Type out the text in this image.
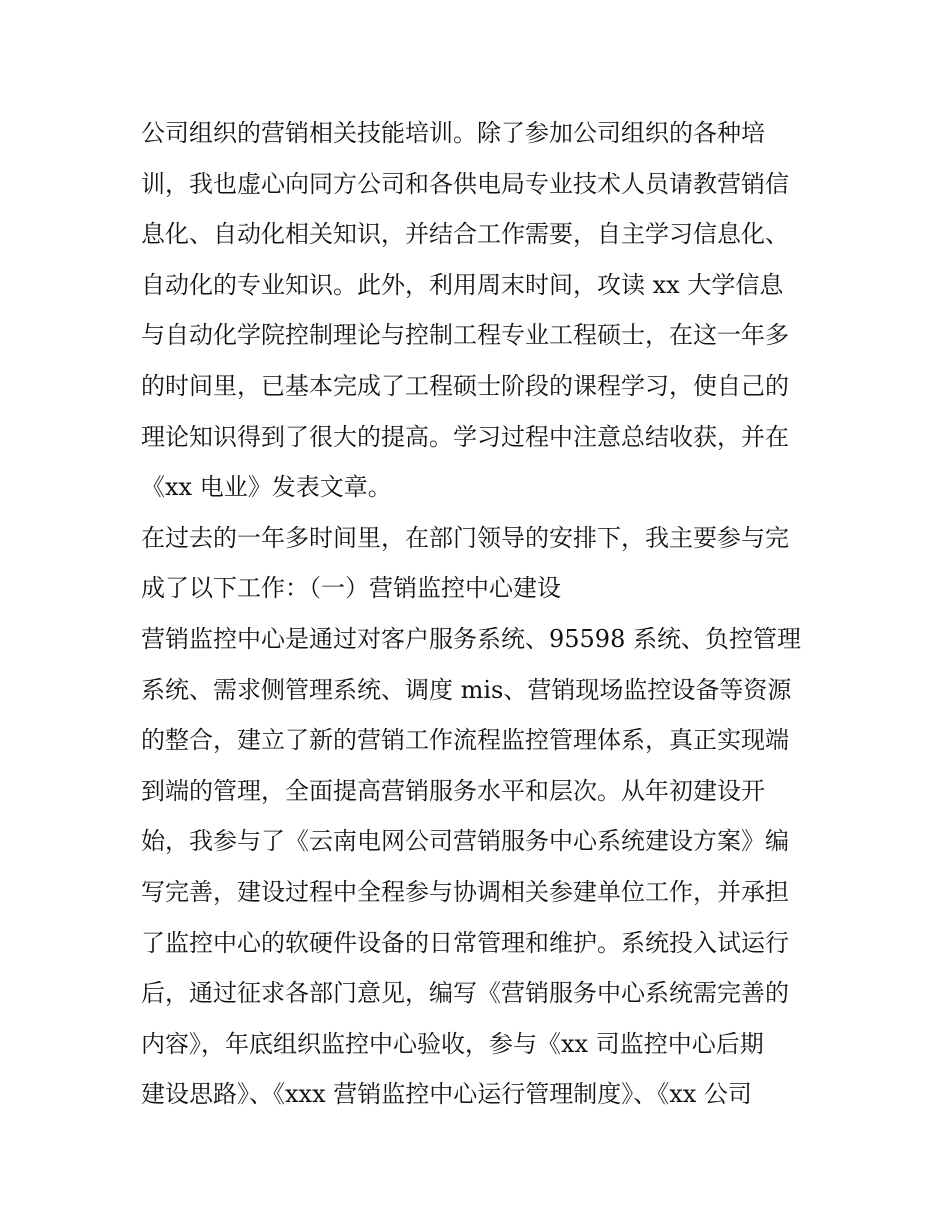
公司组织的营销相关技能培训。除了参加公司组织的各种培
训，我也虚心向同方公司和各供电局专业技术人员请教营销信
息化、自动化相关知识，并结合工作需要，自主学习信息化、
自动化的专业知识。此外，利用周末时间，攻读 xx 大学信息
与自动化学院控制理论与控制工程专业工程硕士，在这一年多
的时间里，已基本完成了工程硕士阶段的课程学习，使自己的
理论知识得到了很大的提高。学习过程中注意总结收获，并在
《xx 电业》发表文章。
在过去的一年多时间里，在部门领导的安排下，我主要参与完
成了以下工作：（一）营销监控中心建设
营销监控中心是通过对客户服务系统、95598 系统、负控管理
系统、需求侧管理系统、调度 mis、营销现场监控设备等资源
的整合，建立了新的营销工作流程监控管理体系，真正实现端
到端的管理，全面提高营销服务水平和层次。从年初建设开
始，我参与了《云南电网公司营销服务中心系统建设方案》编
写完善，建设过程中全程参与协调相关参建单位工作，并承担
了监控中心的软硬件设备的日常管理和维护。系统投入试运行
后，通过征求各部门意见，编写《营销服务中心系统需完善的
内容》，年底组织监控中心验收，参与《xx 司监控中心后期
建设思路》、《xxx 营销监控中心运行管理制度》、《xx 公司
